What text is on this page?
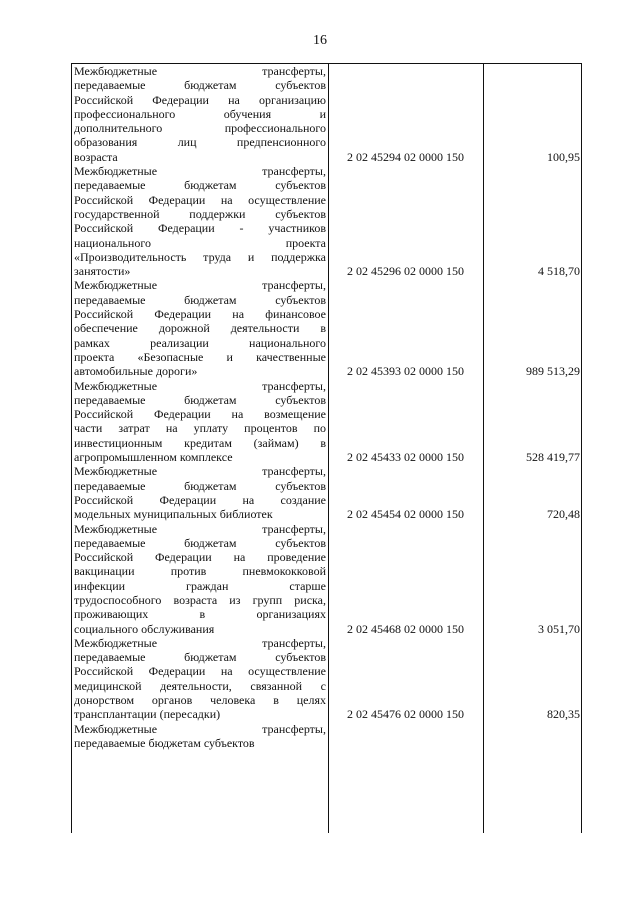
16
Межбюджетные трансферты,
передаваемые бюджетам субъектов
Российской Федерации на организацию
профессионального обучения и
дополнительного профессионального
образования лиц предпенсионного
возраста	2 02 45294 02 0000 150	100,95
Межбюджетные трансферты,
передаваемые бюджетам субъектов
Российской Федерации на осуществление
государственной поддержки субъектов
Российской Федерации - участников
национального проекта
«Производительность труда и поддержка
занятости»	2 02 45296 02 0000 150	4 518,70
Межбюджетные трансферты,
передаваемые бюджетам субъектов
Российской Федерации на финансовое
обеспечение дорожной деятельности в
рамках реализации национального
проекта «Безопасные и качественные
автомобильные дороги»	2 02 45393 02 0000 150	989 513,29
Межбюджетные трансферты,
передаваемые бюджетам субъектов
Российской Федерации на возмещение
части затрат на уплату процентов по
инвестиционным кредитам (займам) в
агропромышленном комплексе	2 02 45433 02 0000 150	528 419,77
Межбюджетные трансферты,
передаваемые бюджетам субъектов
Российской Федерации на создание
модельных муниципальных библиотек	2 02 45454 02 0000 150	720,48
Межбюджетные трансферты,
передаваемые бюджетам субъектов
Российской Федерации на проведение
вакцинации против пневмококковой
инфекции граждан старше
трудоспособного возраста из групп риска,
проживающих в организациях
социального обслуживания	2 02 45468 02 0000 150	3 051,70
Межбюджетные трансферты,
передаваемые бюджетам субъектов
Российской Федерации на осуществление
медицинской деятельности, связанной с
донорством органов человека в целях
трансплантации (пересадки)	2 02 45476 02 0000 150	820,35
Межбюджетные трансферты,
передаваемые бюджетам субъектов
